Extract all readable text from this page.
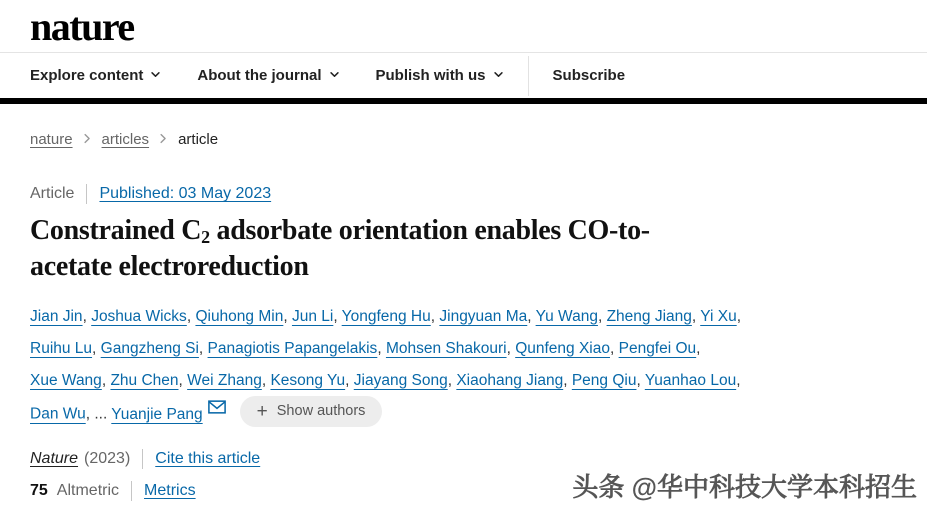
nature
Explore content	About the journal	Publish with us	Subscribe
nature articles article
Article Published: 03 May 2023
Constrained $C_2$ adsorbate orientation enables CO-to-
acetate electroreduction

Jian Jin, Joshua Wicks, Qiuhong Min, Jun Li, Yongfeng Hu, Jingyuan Ma, Yu Wang, Zheng Jiang, Yi Xu, Ruihu Lu, Gangzheng Si, Panagiotis Papangelakis, Mohsen Shakouri, Qunfeng Xiao, Pengfei Ou, Xue Wang, Zhu Chen, Wei Zhang, Kesong Yu, Jiayang Song, Xiaohang Jiang, Peng Qiu, Yuanhao Lou, Dan Wu, ... Yuanjie Pang	+ Show authors

Nature (2023) Cite this article
75 Altmetric Metrics	头条 @华中科技大学本科招生
